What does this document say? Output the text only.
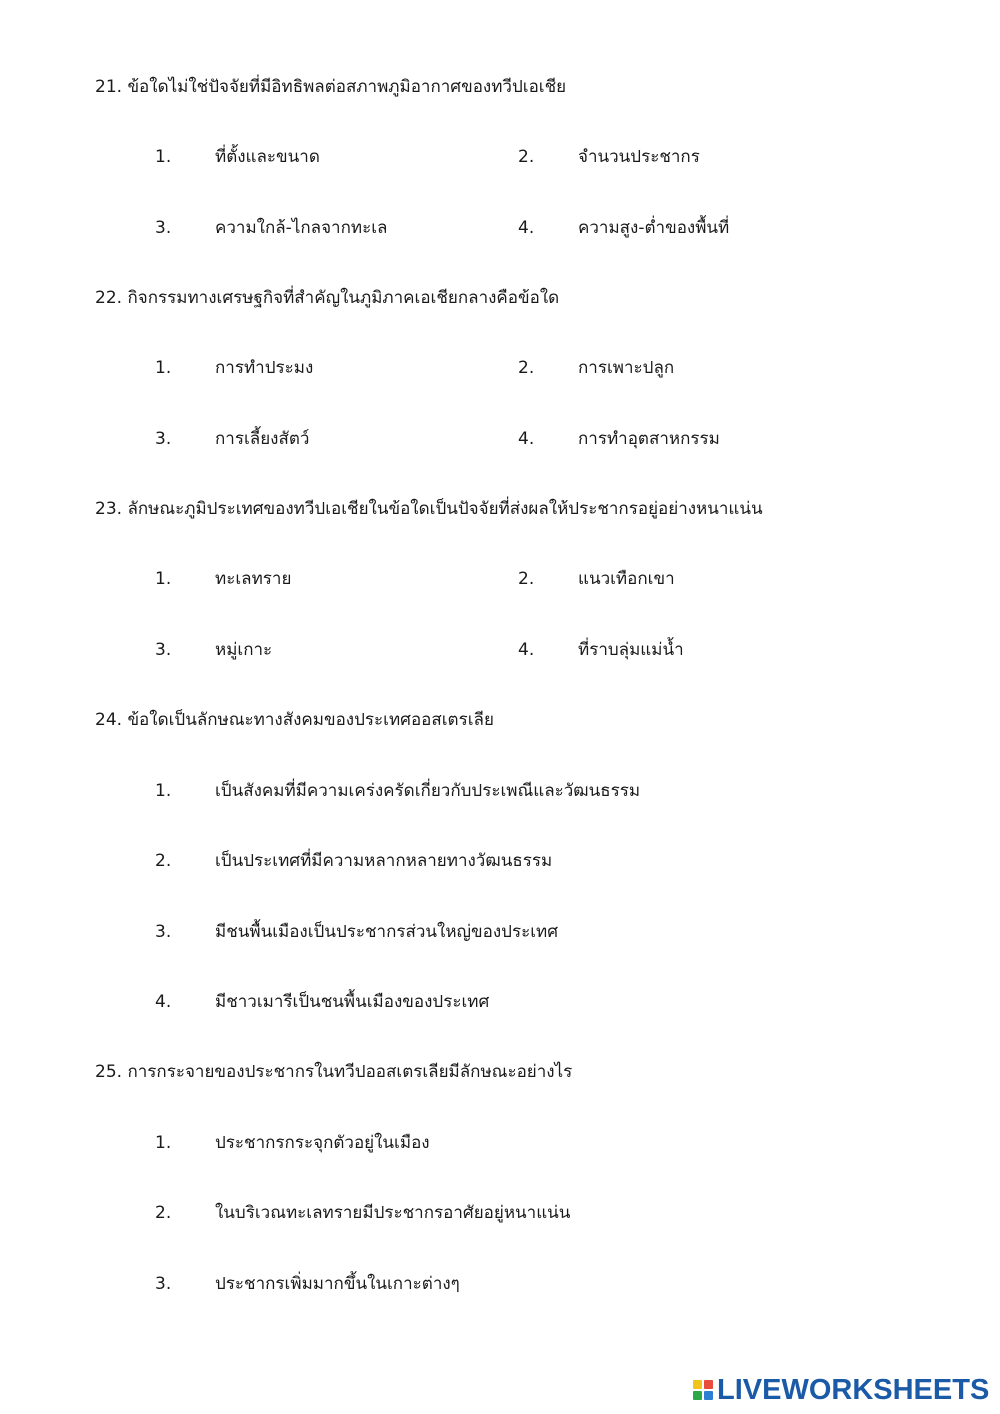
21. ข้อใดไม่ใช่ปัจจัยที่มีอิทธิพลต่อสภาพภูมิอากาศของทวีปเอเชีย
1.	ที่ตั้งและขนาด	2.	จำนวนประชากร
3.	ความใกล้-ไกลจากทะเล	4.	ความสูง-ต่ำของพื้นที่
22. กิจกรรมทางเศรษฐกิจที่สำคัญในภูมิภาคเอเชียกลางคือข้อใด
1.	การทำประมง	2.	การเพาะปลูก
3.	การเลี้ยงสัตว์	4.	การทำอุตสาหกรรม
23. ลักษณะภูมิประเทศของทวีปเอเชียในข้อใดเป็นปัจจัยที่ส่งผลให้ประชากรอยู่อย่างหนาแน่น
1.	ทะเลทราย	2.	แนวเทือกเขา
3.	หมู่เกาะ	4.	ที่ราบลุ่มแม่น้ำ
24. ข้อใดเป็นลักษณะทางสังคมของประเทศออสเตรเลีย
1.	เป็นสังคมที่มีความเคร่งครัดเกี่ยวกับประเพณีและวัฒนธรรม
2.	เป็นประเทศที่มีความหลากหลายทางวัฒนธรรม
3.	มีชนพื้นเมืองเป็นประชากรส่วนใหญ่ของประเทศ
4.	มีชาวเมารีเป็นชนพื้นเมืองของประเทศ
25. การกระจายของประชากรในทวีปออสเตรเลียมีลักษณะอย่างไร
1.	ประชากรกระจุกตัวอยู่ในเมือง
2.	ในบริเวณทะเลทรายมีประชากรอาศัยอยู่หนาแน่น
3.	ประชากรเพิ่มมากขึ้นในเกาะต่างๆ
LIVEWORKSHEETS
